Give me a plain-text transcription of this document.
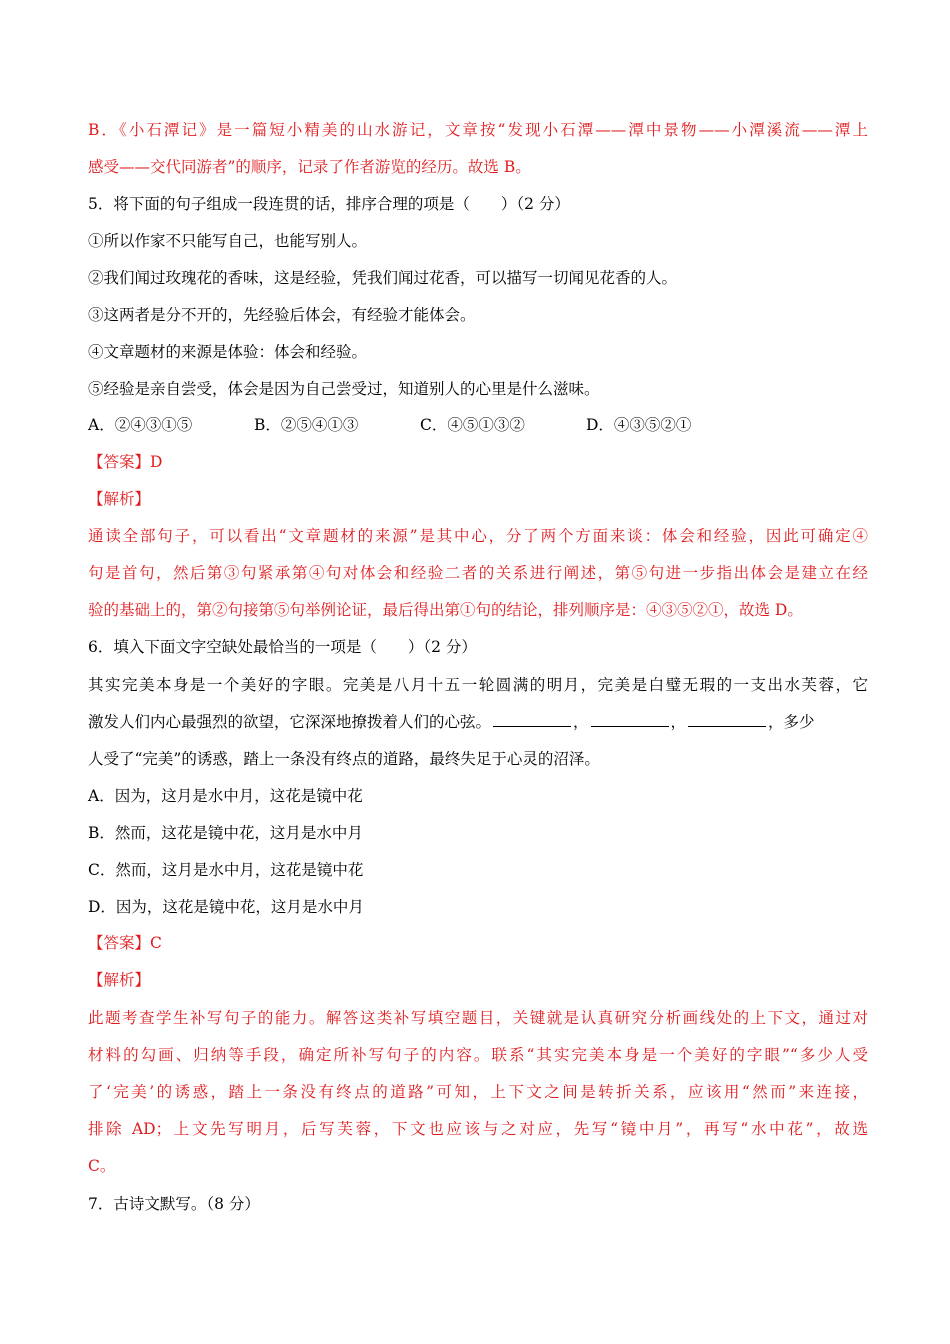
B．《小石潭记》是一篇短小精美的山水游记，文章按“发现小石潭——潭中景物——小潭溪流——潭上
感受——交代同游者”的顺序，记录了作者游览的经历。故选 B。
5．将下面的句子组成一段连贯的话，排序合理的项是（　　）（2 分）
①所以作家不只能写自己，也能写别人。
②我们闻过玫瑰花的香味，这是经验，凭我们闻过花香，可以描写一切闻见花香的人。
③这两者是分不开的，先经验后体会，有经验才能体会。
④文章题材的来源是体验：体会和经验。
⑤经验是亲自尝受，体会是因为自己尝受过，知道别人的心里是什么滋味。
A．②④③①⑤	B．②⑤④①③	C．④⑤①③②	D．④③⑤②①
【答案】D
【解析】
通读全部句子，可以看出“文章题材的来源”是其中心，分了两个方面来谈：体会和经验，因此可确定④
句是首句，然后第③句紧承第④句对体会和经验二者的关系进行阐述，第⑤句进一步指出体会是建立在经
验的基础上的，第②句接第⑤句举例论证，最后得出第①句的结论，排列顺序是：④③⑤②①，故选 D。
6．填入下面文字空缺处最恰当的一项是（　　）（2 分）
其实完美本身是一个美好的字眼。完美是八月十五一轮圆满的明月，完美是白璧无瑕的一支出水芙蓉，它
激发人们内心最强烈的欲望，它深深地撩拨着人们的心弦。	，	，	，多少
人受了“完美”的诱惑，踏上一条没有终点的道路，最终失足于心灵的沼泽。
A．因为，这月是水中月，这花是镜中花
B．然而，这花是镜中花，这月是水中月
C．然而，这月是水中月，这花是镜中花
D．因为，这花是镜中花，这月是水中月
【答案】C
【解析】
此题考查学生补写句子的能力。解答这类补写填空题目，关键就是认真研究分析画线处的上下文，通过对
材料的勾画、归纳等手段，确定所补写句子的内容。联系“其实完美本身是一个美好的字眼”“多少人受
了‘完美’的诱惑，踏上一条没有终点的道路”可知，上下文之间是转折关系，应该用“然而”来连接，
排除 AD；上文先写明月，后写芙蓉，下文也应该与之对应，先写“镜中月”，再写“水中花”，故选
C。
7．古诗文默写。（8 分）
